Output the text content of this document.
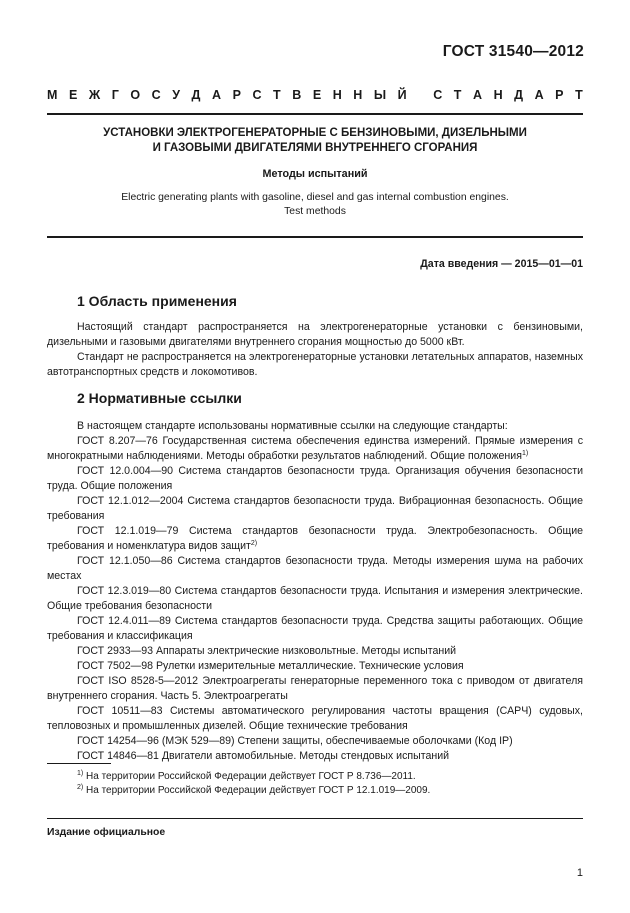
ГОСТ 31540—2012
М Е Ж Г О С У Д А Р С Т В Е Н Н Ы Й
С Т А Н Д А Р Т
УСТАНОВКИ ЭЛЕКТРОГЕНЕРАТОРНЫЕ С БЕНЗИНОВЫМИ, ДИЗЕЛЬНЫМИ
И ГАЗОВЫМИ ДВИГАТЕЛЯМИ ВНУТРЕННЕГО СГОРАНИЯ
Методы испытаний
Electric generating plants with gasoline, diesel and gas internal combustion engines.
Test methods
Дата введения — 2015—01—01
1 Область применения

Настоящий стандарт распространяется на электрогенераторные установки с бензиновыми, дизельными и газовыми двигателями внутреннего сгорания мощностью до 5000 кВт.

Стандарт не распространяется на электрогенераторные установки летательных аппаратов, наземных автотранспортных средств и локомотивов.

2 Нормативные ссылки

В настоящем стандарте использованы нормативные ссылки на следующие стандарты:

ГОСТ 8.207—76 Государственная система обеспечения единства измерений. Прямые измерения с многократными наблюдениями. Методы обработки результатов наблюдений. Общие положения$^{1)}$

ГОСТ 12.0.004—90 Система стандартов безопасности труда. Организация обучения безопасности труда. Общие положения

ГОСТ 12.1.012—2004 Система стандартов безопасности труда. Вибрационная безопасность. Общие требования

ГОСТ 12.1.019—79 Система стандартов безопасности труда. Электробезопасность. Общие требования и номенклатура видов защит$^{2)}$

ГОСТ 12.1.050—86 Система стандартов безопасности труда. Методы измерения шума на рабочих местах

ГОСТ 12.3.019—80 Система стандартов безопасности труда. Испытания и измерения электрические. Общие требования безопасности

ГОСТ 12.4.011—89 Система стандартов безопасности труда. Средства защиты работающих. Общие требования и классификация

ГОСТ 2933—93 Аппараты электрические низковольтные. Методы испытаний

ГОСТ 7502—98 Рулетки измерительные металлические. Технические условия

ГОСТ ISO 8528-5—2012 Электроагрегаты генераторные переменного тока с приводом от двигателя внутреннего сгорания. Часть 5. Электроагрегаты

ГОСТ 10511—83 Системы автоматического регулирования частоты вращения (САРЧ) судовых, тепловозных и промышленных дизелей. Общие технические требования

ГОСТ 14254—96 (МЭК 529—89) Степени защиты, обеспечиваемые оболочками (Код IP)

ГОСТ 14846—81 Двигатели автомобильные. Методы стендовых испытаний

$^{1)}$ На территории Российской Федерации действует ГОСТ Р 8.736—2011.
$^{2)}$ На территории Российской Федерации действует ГОСТ Р 12.1.019—2009.
Издание официальное
1
